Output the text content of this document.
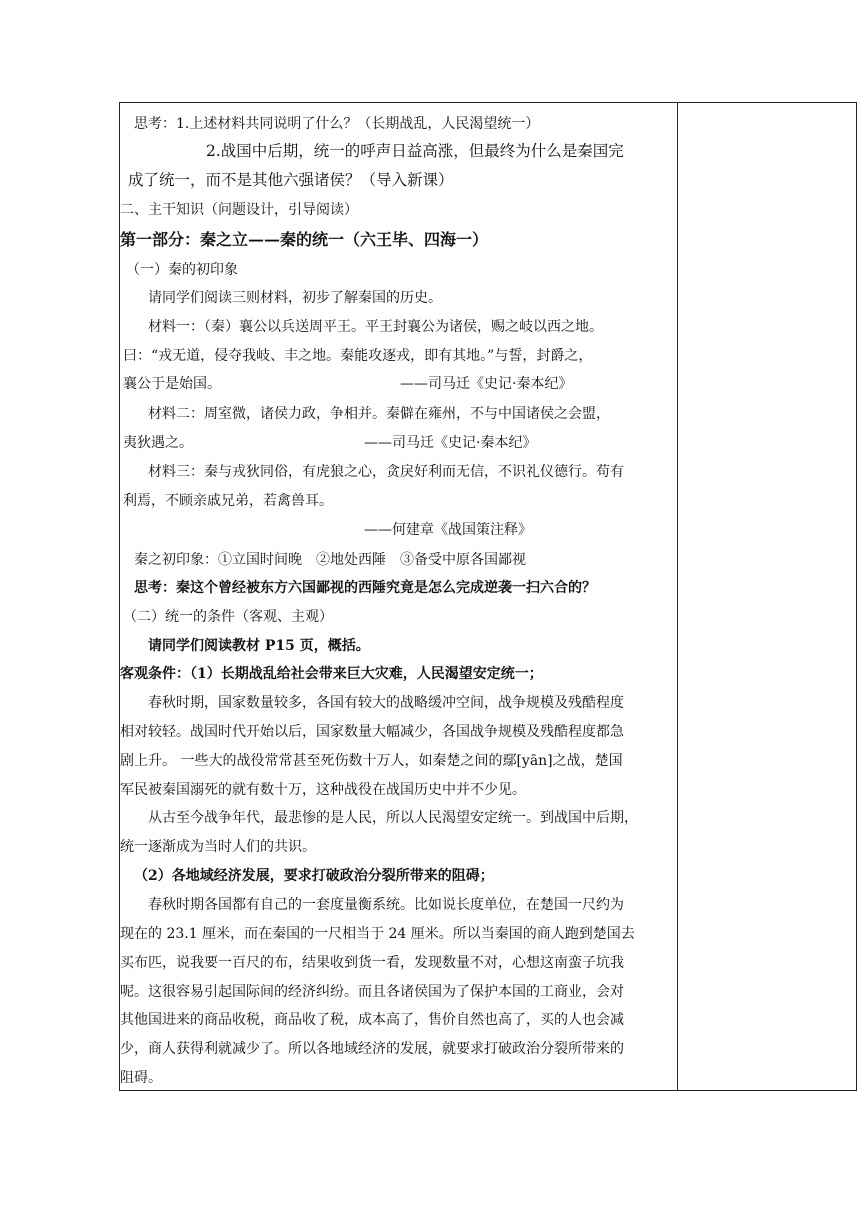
思考：1.上述材料共同说明了什么？（长期战乱，人民渴望统一）
2.战国中后期，统一的呼声日益高涨，但最终为什么是秦国完
成了统一，而不是其他六强诸侯？（导入新课）
二、主干知识（问题设计，引导阅读）
第一部分：秦之立——秦的统一（六王毕、四海一）
（一）秦的初印象
请同学们阅读三则材料，初步了解秦国的历史。
材料一：（秦）襄公以兵送周平王。平王封襄公为诸侯，赐之岐以西之地。
曰：“戎无道，侵夺我岐、丰之地。秦能攻逐戎，即有其地。”与誓，封爵之，
襄公于是始国。	——司马迁《史记·秦本纪》
材料二：周室微，诸侯力政，争相并。秦僻在雍州，不与中国诸侯之会盟，
夷狄遇之。	——司马迁《史记·秦本纪》
材料三：秦与戎狄同俗，有虎狼之心，贪戾好利而无信，不识礼仪德行。苟有
利焉，不顾亲戚兄弟，若禽兽耳。
——何建章《战国策注释》
秦之初印象：①立国时间晚　②地处西陲　③备受中原各国鄙视
思考：秦这个曾经被东方六国鄙视的西陲究竟是怎么完成逆袭一扫六合的？
（二）统一的条件（客观、主观）
请同学们阅读教材 P15 页，概括。
客观条件：（1）长期战乱给社会带来巨大灾难，人民渴望安定统一；
春秋时期，国家数量较多，各国有较大的战略缓冲空间，战争规模及残酷程度
相对较轻。战国时代开始以后，国家数量大幅减少，各国战争规模及残酷程度都急
剧上升。 一些大的战役常常甚至死伤数十万人，如秦楚之间的鄢[yān]之战，楚国
军民被秦国溺死的就有数十万，这种战役在战国历史中并不少见。
从古至今战争年代，最悲惨的是人民，所以人民渴望安定统一。到战国中后期，
统一逐渐成为当时人们的共识。
（2）各地域经济发展，要求打破政治分裂所带来的阻碍；
春秋时期各国都有自己的一套度量衡系统。比如说长度单位，在楚国一尺约为
现在的 23.1 厘米，而在秦国的一尺相当于 24 厘米。所以当秦国的商人跑到楚国去
买布匹，说我要一百尺的布，结果收到货一看，发现数量不对，心想这南蛮子坑我
呢。这很容易引起国际间的经济纠纷。而且各诸侯国为了保护本国的工商业，会对
其他国进来的商品收税，商品收了税，成本高了，售价自然也高了，买的人也会减
少，商人获得利就减少了。所以各地域经济的发展，就要求打破政治分裂所带来的
阻碍。
